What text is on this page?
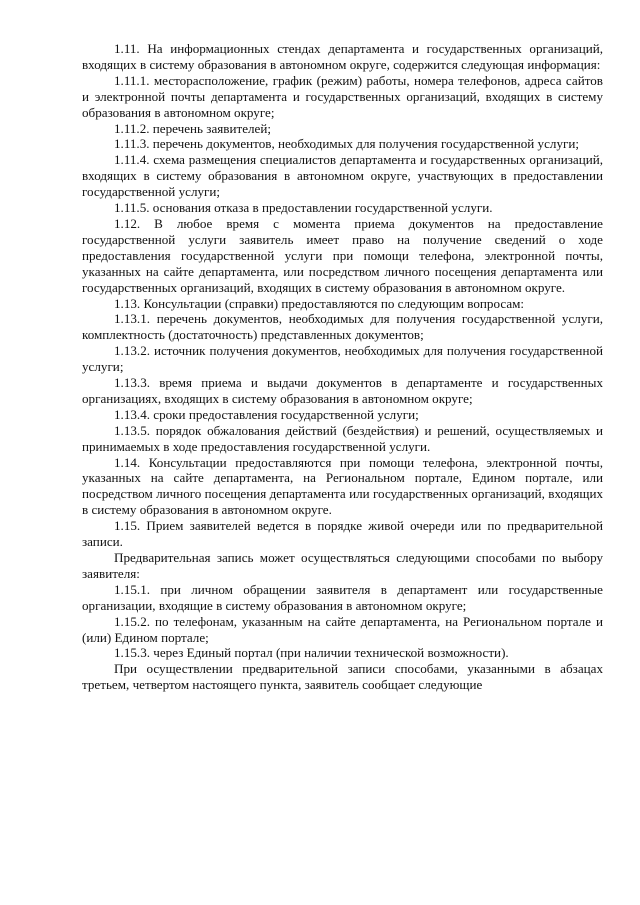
1.11. На информационных стендах департамента и государственных организаций, входящих в систему образования в автономном округе, содержится следующая информация:

1.11.1. месторасположение, график (режим) работы, номера телефонов, адреса сайтов и электронной почты департамента и государственных организаций, входящих в систему образования в автономном округе;

1.11.2. перечень заявителей;

1.11.3. перечень документов, необходимых для получения государственной услуги;

1.11.4. схема размещения специалистов департамента и государственных организаций, входящих в систему образования в автономном округе, участвующих в предоставлении государственной услуги;

1.11.5. основания отказа в предоставлении государственной услуги.

1.12. В любое время с момента приема документов на предоставление государственной услуги заявитель имеет право на получение сведений о ходе предоставления государственной услуги при помощи телефона, электронной почты, указанных на сайте департамента, или посредством личного посещения департамента или государственных организаций, входящих в систему образования в автономном округе.

1.13. Консультации (справки) предоставляются по следующим вопросам:

1.13.1. перечень документов, необходимых для получения государственной услуги, комплектность (достаточность) представленных документов;

1.13.2. источник получения документов, необходимых для получения государственной услуги;

1.13.3. время приема и выдачи документов в департаменте и государственных организациях, входящих в систему образования в автономном округе;

1.13.4. сроки предоставления государственной услуги;

1.13.5. порядок обжалования действий (бездействия) и решений, осуществляемых и принимаемых в ходе предоставления государственной услуги.

1.14. Консультации предоставляются при помощи телефона, электронной почты, указанных на сайте департамента, на Региональном портале, Едином портале, или посредством личного посещения департамента или государственных организаций, входящих в систему образования в автономном округе.

1.15. Прием заявителей ведется в порядке живой очереди или по предварительной записи.

Предварительная запись может осуществляться следующими способами по выбору заявителя:

1.15.1. при личном обращении заявителя в департамент или государственные организации, входящие в систему образования в автономном округе;

1.15.2. по телефонам, указанным на сайте департамента, на Региональном портале и (или) Едином портале;

1.15.3. через Единый портал (при наличии технической возможности).

При осуществлении предварительной записи способами, указанными в абзацах третьем, четвертом настоящего пункта, заявитель сообщает следующие
